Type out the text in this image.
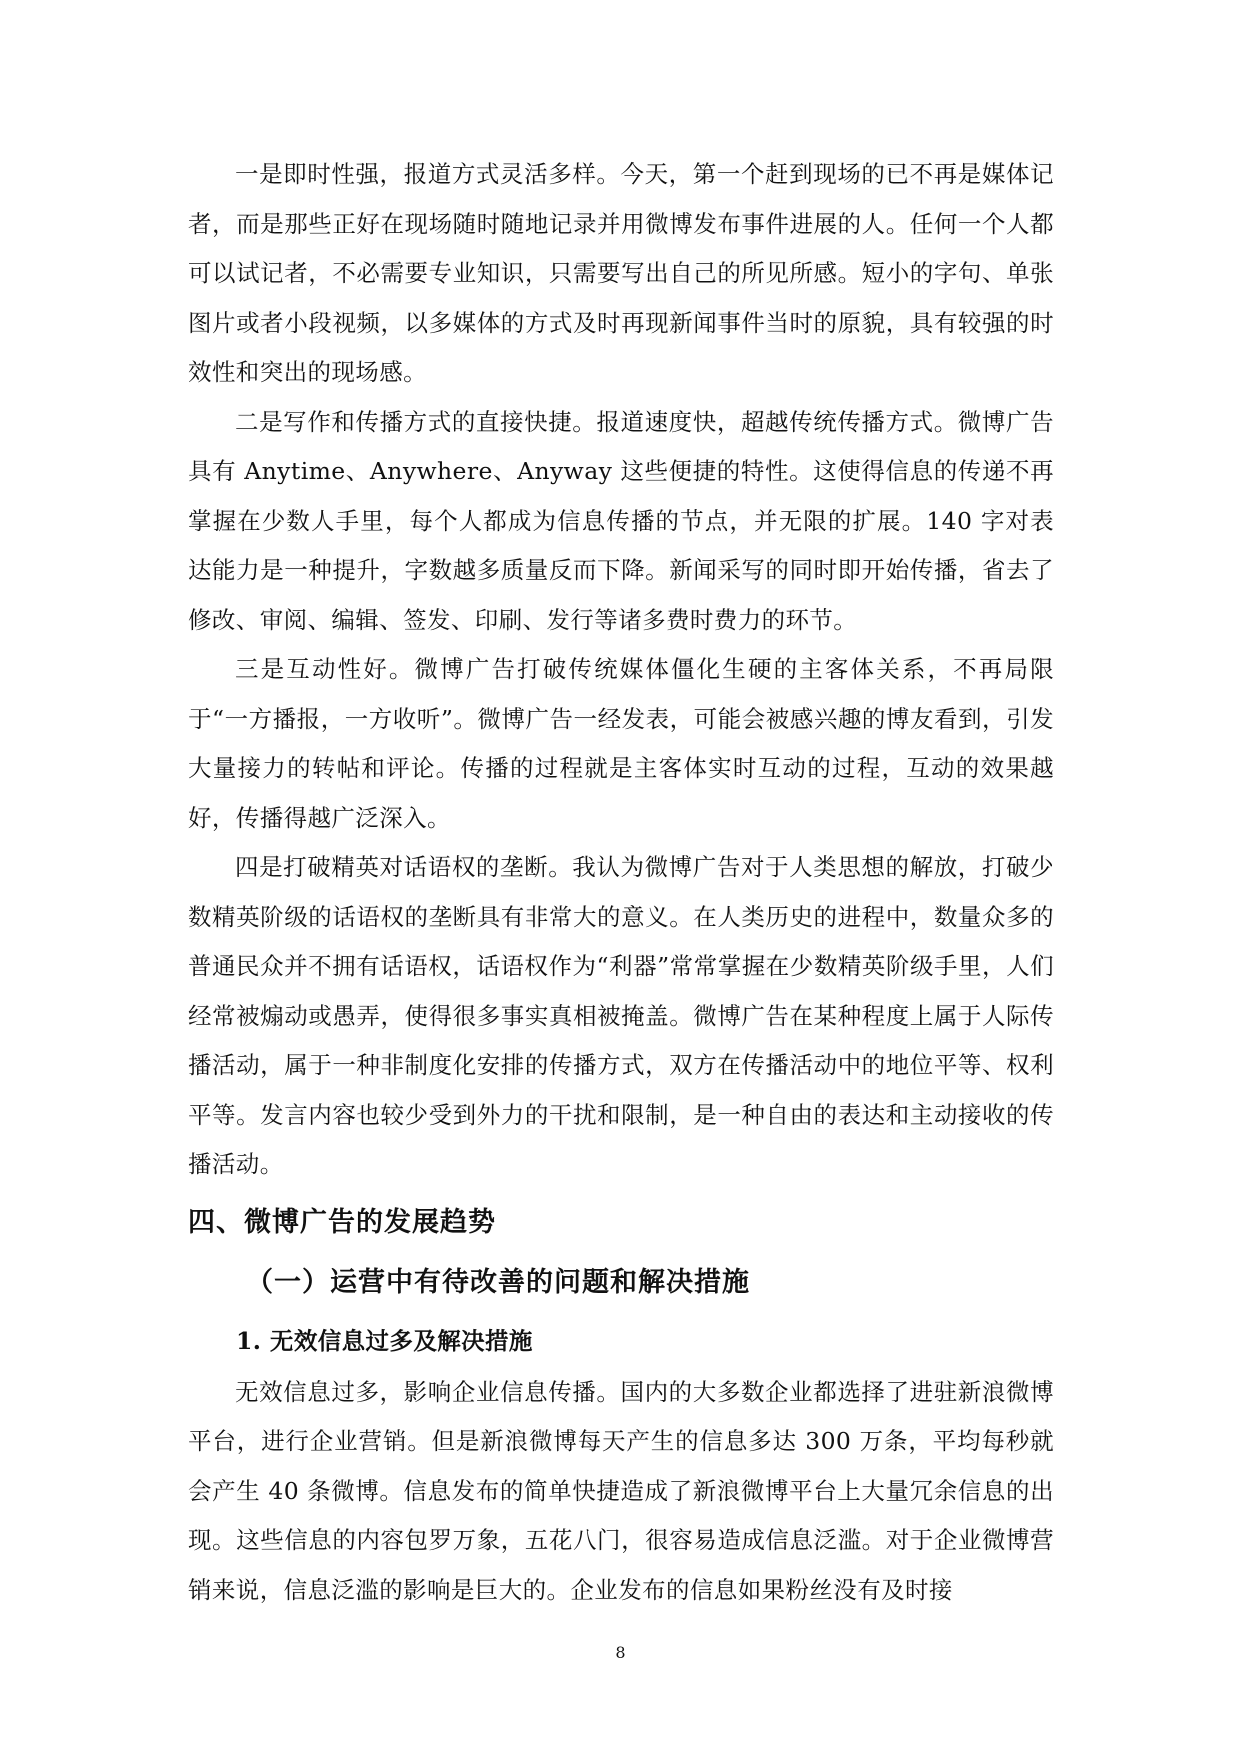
一是即时性强，报道方式灵活多样。今天，第一个赶到现场的已不再是媒体记者，而是那些正好在现场随时随地记录并用微博发布事件进展的人。任何一个人都可以试记者，不必需要专业知识，只需要写出自己的所见所感。短小的字句、单张图片或者小段视频，以多媒体的方式及时再现新闻事件当时的原貌，具有较强的时效性和突出的现场感。

二是写作和传播方式的直接快捷。报道速度快，超越传统传播方式。微博广告具有 Anytime、Anywhere、Anyway 这些便捷的特性。这使得信息的传递不再掌握在少数人手里，每个人都成为信息传播的节点，并无限的扩展。140 字对表达能力是一种提升，字数越多质量反而下降。新闻采写的同时即开始传播，省去了修改、审阅、编辑、签发、印刷、发行等诸多费时费力的环节。

三是互动性好。微博广告打破传统媒体僵化生硬的主客体关系，不再局限于“一方播报，一方收听”。微博广告一经发表，可能会被感兴趣的博友看到，引发大量接力的转帖和评论。传播的过程就是主客体实时互动的过程，互动的效果越好，传播得越广泛深入。

四是打破精英对话语权的垄断。我认为微博广告对于人类思想的解放，打破少数精英阶级的话语权的垄断具有非常大的意义。在人类历史的进程中，数量众多的普通民众并不拥有话语权，话语权作为“利器”常常掌握在少数精英阶级手里，人们经常被煽动或愚弄，使得很多事实真相被掩盖。微博广告在某种程度上属于人际传播活动，属于一种非制度化安排的传播方式，双方在传播活动中的地位平等、权利平等。发言内容也较少受到外力的干扰和限制，是一种自由的表达和主动接收的传播活动。

四、微博广告的发展趋势
（一）运营中有待改善的问题和解决措施
1. 无效信息过多及解决措施

无效信息过多，影响企业信息传播。国内的大多数企业都选择了进驻新浪微博平台，进行企业营销。但是新浪微博每天产生的信息多达 300 万条，平均每秒就会产生 40 条微博。信息发布的简单快捷造成了新浪微博平台上大量冗余信息的出现。这些信息的内容包罗万象，五花八门，很容易造成信息泛滥。对于企业微博营销来说，信息泛滥的影响是巨大的。企业发布的信息如果粉丝没有及时接

8
